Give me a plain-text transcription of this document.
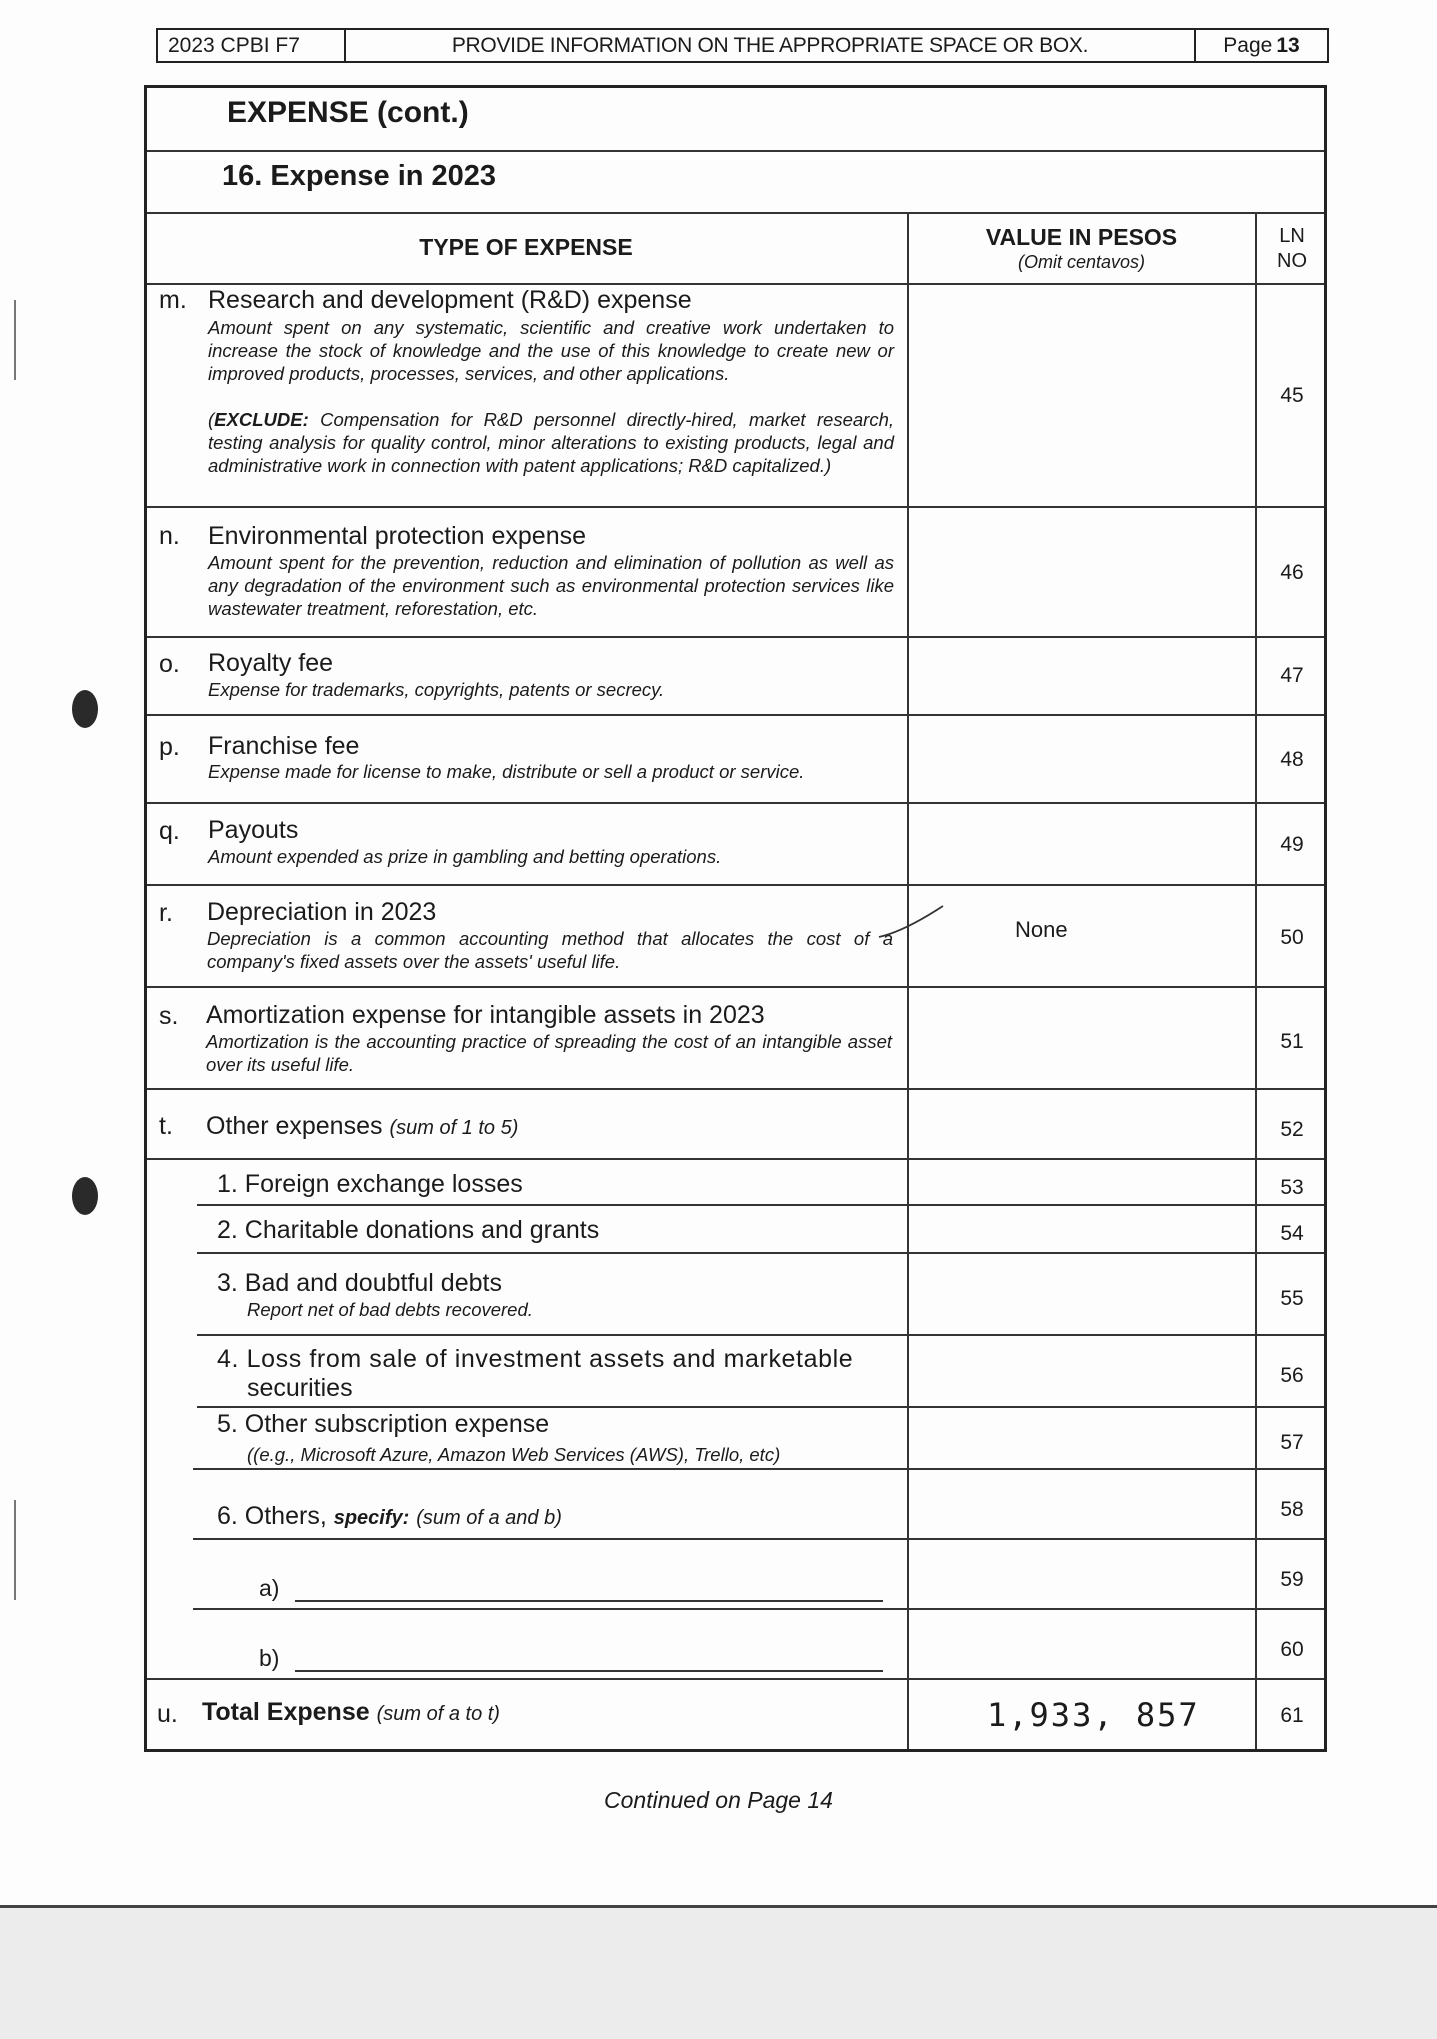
2023 CPBI F7	PROVIDE INFORMATION ON THE APPROPRIATE SPACE OR BOX.	Page 13
EXPENSE (cont.)
16. Expense in 2023
TYPE OF EXPENSE	VALUE IN PESOS
(Omit centavos)
LN
NO
m. Research and development (R&D) expense
Amount spent on any systematic, scientific and creative work undertaken to increase the stock of knowledge and the use of this knowledge to create new or improved products, processes, services, and other applications.
(EXCLUDE: Compensation for R&D personnel directly-hired, market research, testing analysis for quality control, minor alterations to existing products, legal and administrative work in connection with patent applications; R&D capitalized.)
45
n. Environmental protection expense
Amount spent for the prevention, reduction and elimination of pollution as well as any degradation of the environment such as environmental protection services like wastewater treatment, reforestation, etc.
46
o. Royalty fee
Expense for trademarks, copyrights, patents or secrecy.
47
p. Franchise fee
Expense made for license to make, distribute or sell a product or service.
48
q. Payouts
Amount expended as prize in gambling and betting operations.
49
r. Depreciation in 2023
Depreciation is a common accounting method that allocates the cost of a company's fixed assets over the assets' useful life.
None	50
s. Amortization expense for intangible assets in 2023
Amortization is the accounting practice of spreading the cost of an intangible asset over its useful life.
51
t. Other expenses (sum of 1 to 5)	52
1. Foreign exchange losses	53
2. Charitable donations and grants	54
3. Bad and doubtful debts
Report net of bad debts recovered.	55
4. Loss from sale of investment assets and marketable
securities	56
5. Other subscription expense
((e.g., Microsoft Azure, Amazon Web Services (AWS), Trello, etc)
57
6. Others, specify: (sum of a and b)	58
a)	59
b)	60
u. Total Expense (sum of a to t)	1,933, 857	61
Continued on Page 14
